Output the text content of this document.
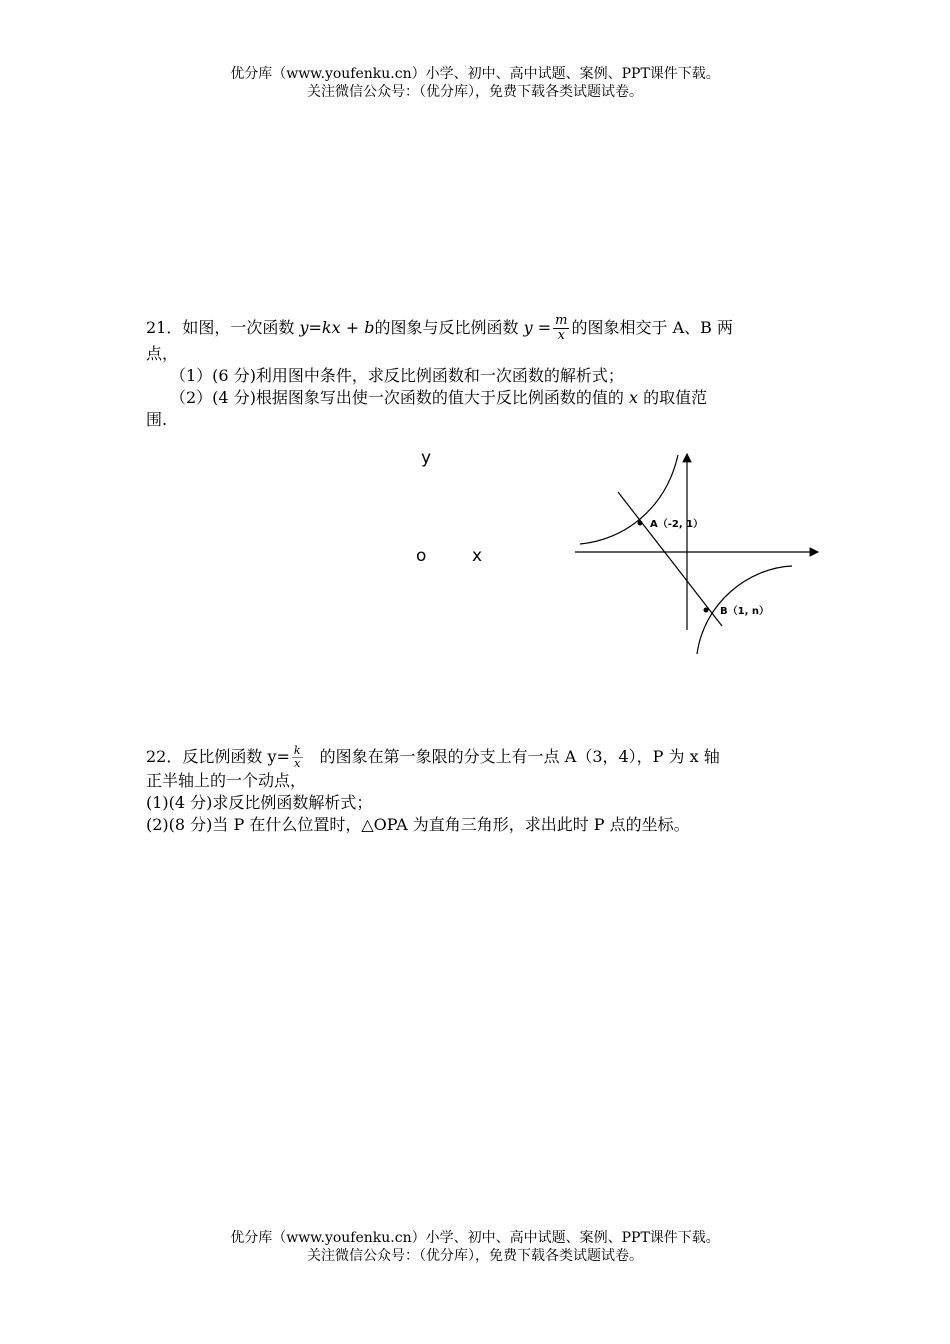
优分库（www.youfenku.cn）小学、初中、高中试题、案例、PPT课件下载。
关注微信公众号：（优分库），免费下载各类试题试卷。

21．如图，一次函数 y=kx + b的图象与反比例函数 $y = \frac{m}{x}$ 的图象相交于 A、B 两

点，

（1）(6 分)利用图中条件，求反比例函数和一次函数的解析式；

（2）(4 分)根据图象写出使一次函数的值大于反比例函数的值的 x 的取值范

围.

y
o	x
A（-2, 1）
B（1, n）

22．反比例函数 $y= \frac{k}{x}$ 的图象在第一象限的分支上有一点 A（3，4），P 为 x 轴

正半轴上的一个动点，

(1)(4 分)求反比例函数解析式；

(2)(8 分)当 P 在什么位置时，△OPA 为直角三角形，求出此时 P 点的坐标。

优分库（www.youfenku.cn）小学、初中、高中试题、案例、PPT课件下载。
关注微信公众号：（优分库），免费下载各类试题试卷。
